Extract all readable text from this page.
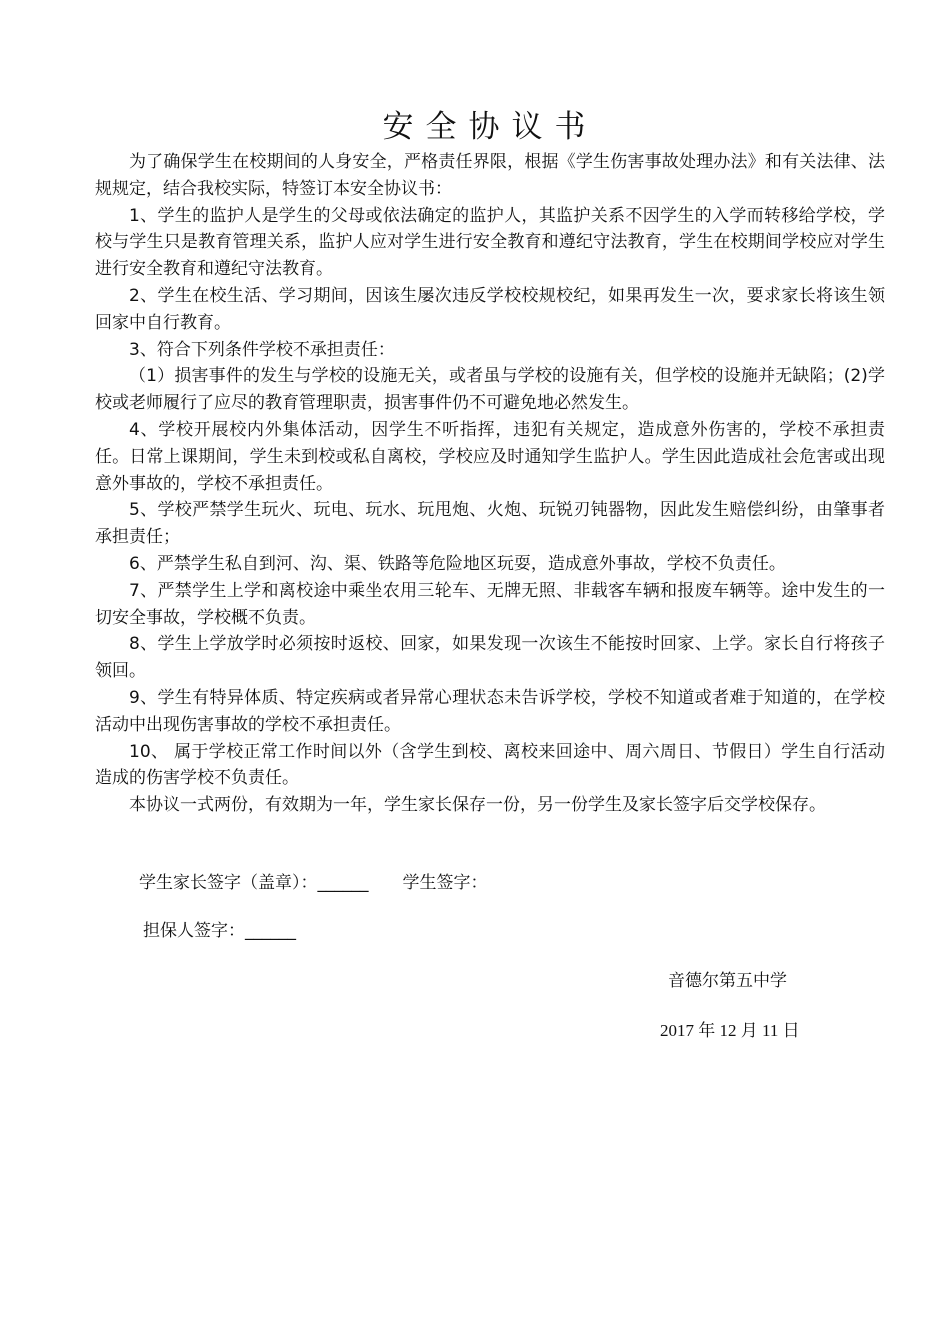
安全协议书

为了确保学生在校期间的人身安全，严格责任界限，根据《学生伤害事故处理办法》和有关法律、法规规定，结合我校实际，特签订本安全协议书：

1、学生的监护人是学生的父母或依法确定的监护人，其监护关系不因学生的入学而转移给学校，学校与学生只是教育管理关系，监护人应对学生进行安全教育和遵纪守法教育，学生在校期间学校应对学生进行安全教育和遵纪守法教育。

2、学生在校生活、学习期间，因该生屡次违反学校校规校纪，如果再发生一次，要求家长将该生领回家中自行教育。

3、符合下列条件学校不承担责任：

（1）损害事件的发生与学校的设施无关，或者虽与学校的设施有关，但学校的设施并无缺陷；(2)学校或老师履行了应尽的教育管理职责，损害事件仍不可避免地必然发生。

4、学校开展校内外集体活动，因学生不听指挥，违犯有关规定，造成意外伤害的，学校不承担责任。日常上课期间，学生未到校或私自离校，学校应及时通知学生监护人。学生因此造成社会危害或出现意外事故的，学校不承担责任。

5、学校严禁学生玩火、玩电、玩水、玩甩炮、火炮、玩锐刃钝器物，因此发生赔偿纠纷，由肇事者承担责任；

6、严禁学生私自到河、沟、渠、铁路等危险地区玩耍，造成意外事故，学校不负责任。

7、严禁学生上学和离校途中乘坐农用三轮车、无牌无照、非载客车辆和报废车辆等。途中发生的一切安全事故，学校概不负责。

8、学生上学放学时必须按时返校、回家，如果发现一次该生不能按时回家、上学。家长自行将孩子领回。

9、学生有特异体质、特定疾病或者异常心理状态未告诉学校，学校不知道或者难于知道的，在学校活动中出现伤害事故的学校不承担责任。

10、 属于学校正常工作时间以外（含学生到校、离校来回途中、周六周日、节假日）学生自行活动造成的伤害学校不负责任。

本协议一式两份，有效期为一年，学生家长保存一份，另一份学生及家长签字后交学校保存。

学生家长签字（盖章）：______ 学生签字：
担保人签字：______
音德尔第五中学
2017 年 12 月 11 日
